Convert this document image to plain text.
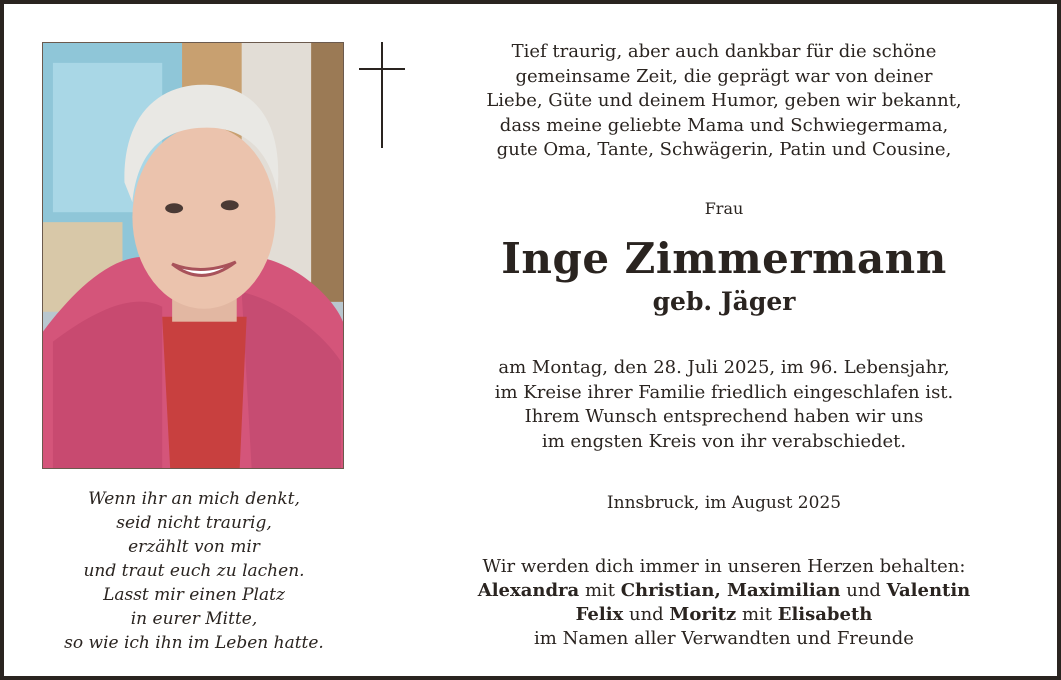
Tief traurig, aber auch dankbar für die schöne
gemeinsame Zeit, die geprägt war von deiner
Liebe, Güte und deinem Humor, geben wir bekannt,
dass meine geliebte Mama und Schwiegermama,
gute Oma, Tante, Schwägerin, Patin und Cousine,
Frau
Inge Zimmermann
geb. Jäger
am Montag, den 28. Juli 2025, im 96. Lebensjahr,
im Kreise ihrer Familie friedlich eingeschlafen ist.
Ihrem Wunsch entsprechend haben wir uns
im engsten Kreis von ihr verabschiedet.
Innsbruck, im August 2025
Wir werden dich immer in unseren Herzen behalten:
Alexandra mit Christian, Maximilian und Valentin
Felix und Moritz mit Elisabeth
im Namen aller Verwandten und Freunde
Wenn ihr an mich denkt,
seid nicht traurig,
erzählt von mir
und traut euch zu lachen.
Lasst mir einen Platz
in eurer Mitte,
so wie ich ihn im Leben hatte.
